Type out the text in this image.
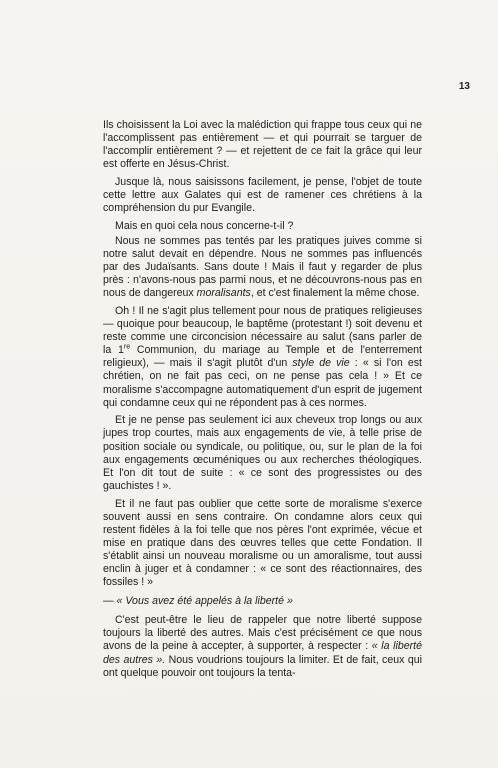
13

Ils choisissent la Loi avec la malédiction qui frappe tous ceux qui ne l'accomplissent pas entièrement — et qui pourrait se targuer de l'accomplir entièrement ? — et rejettent de ce fait la grâce qui leur est offerte en Jésus-Christ.

Jusque là, nous saisissons facilement, je pense, l'objet de toute cette lettre aux Galates qui est de ramener ces chrétiens à la compréhension du pur Evangile.

Mais en quoi cela nous concerne-t-il ?

Nous ne sommes pas tentés par les pratiques juives comme si notre salut devait en dépendre. Nous ne sommes pas influencés par des Judaïsants. Sans doute ! Mais il faut y regarder de plus près : n'avons-nous pas parmi nous, et ne découvrons-nous pas en nous de dangereux moralisants, et c'est finalement la même chose.

Oh ! Il ne s'agit plus tellement pour nous de pratiques religieuses — quoique pour beaucoup, le baptême (protestant !) soit devenu et reste comme une circoncision nécessaire au salut (sans parler de la 1re Communion, du mariage au Temple et de l'enterrement religieux), — mais il s'agit plutôt d'un style de vie : « si l'on est chrétien, on ne fait pas ceci, on ne pense pas cela ! » Et ce moralisme s'accompagne automatiquement d'un esprit de jugement qui condamne ceux qui ne répondent pas à ces normes.

Et je ne pense pas seulement ici aux cheveux trop longs ou aux jupes trop courtes, mais aux engagements de vie, à telle prise de position sociale ou syndicale, ou politique, ou, sur le plan de la foi aux engagements œcuméniques ou aux recherches théologiques. Et l'on dit tout de suite : « ce sont des progressistes ou des gauchistes ! ».

Et il ne faut pas oublier que cette sorte de moralisme s'exerce souvent aussi en sens contraire. On condamne alors ceux qui restent fidèles à la foi telle que nos pères l'ont exprimée, vécue et mise en pratique dans des œuvres telles que cette Fondation. Il s'établit ainsi un nouveau moralisme ou un amoralisme, tout aussi enclin à juger et à condamner : « ce sont des réactionnaires, des fossiles ! »

— « Vous avez été appelés à la liberté »

C'est peut-être le lieu de rappeler que notre liberté suppose toujours la liberté des autres. Mais c'est précisément ce que nous avons de la peine à accepter, à supporter, à respecter : « la liberté des autres ». Nous voudrions toujours la limiter. Et de fait, ceux qui ont quelque pouvoir ont toujours la tenta-
